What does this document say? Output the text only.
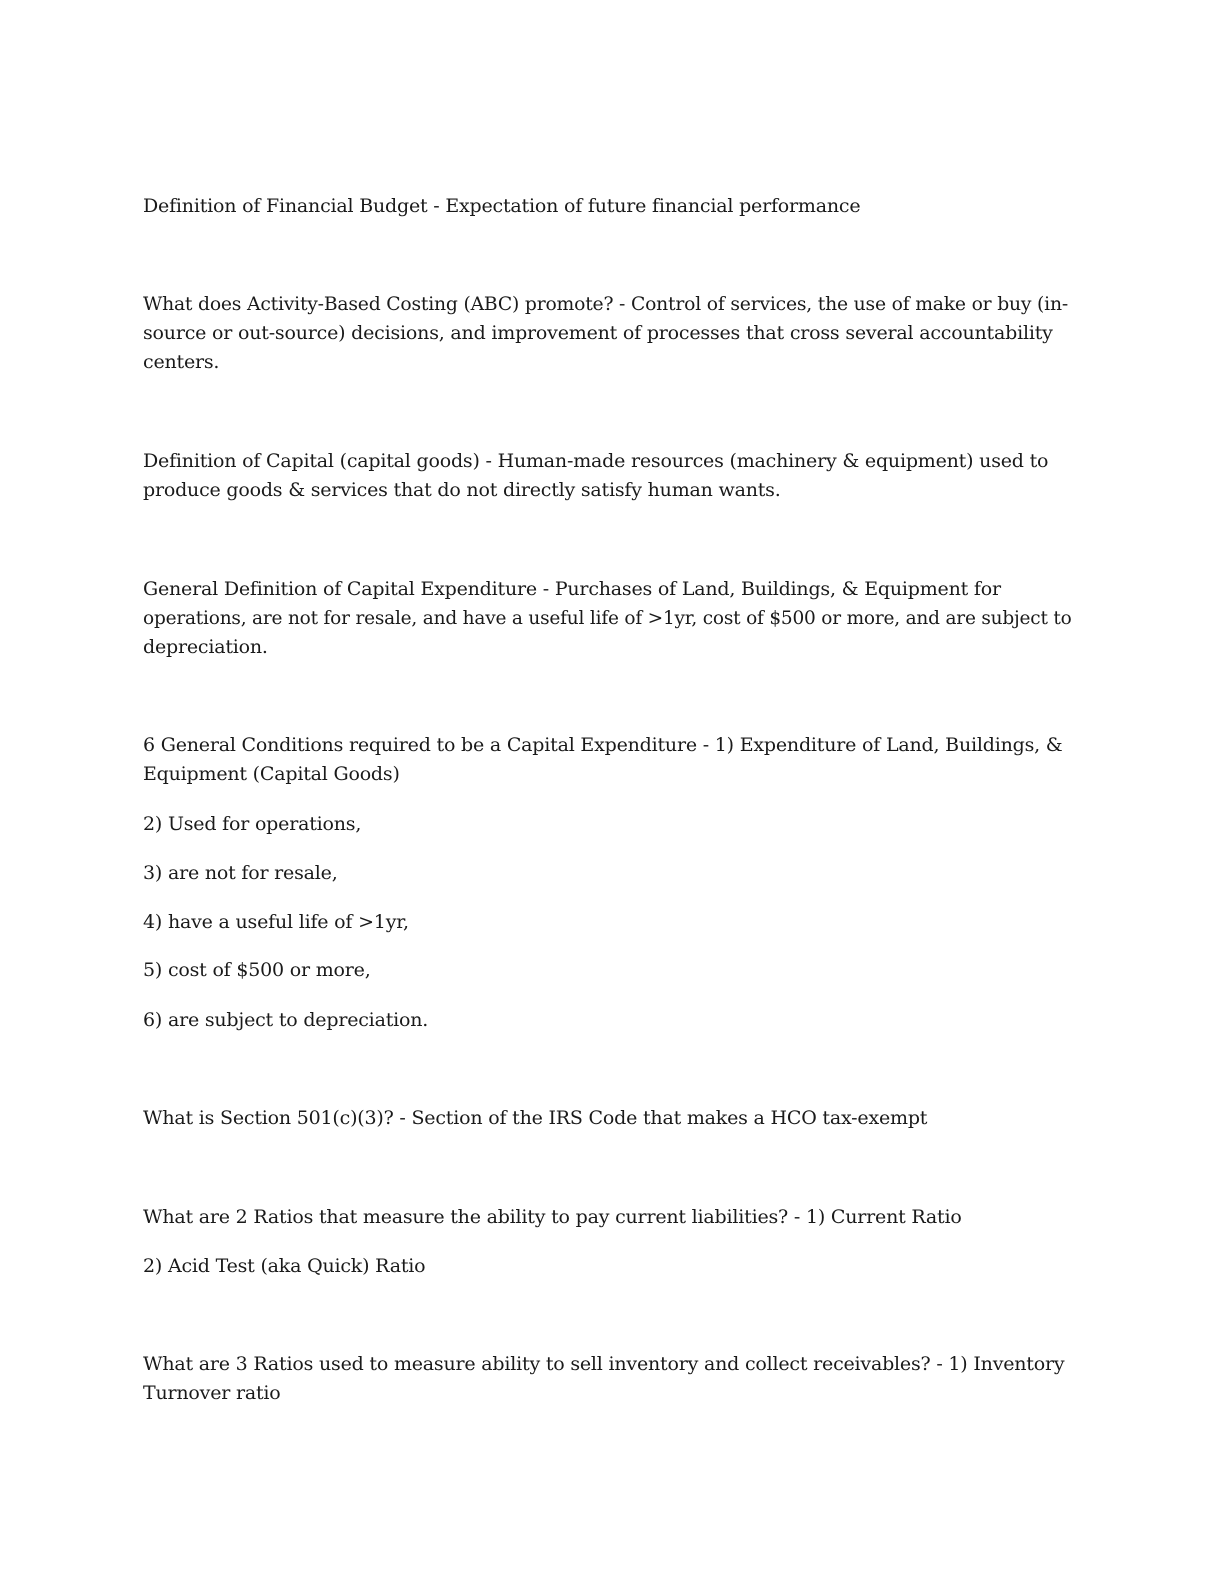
Definition of Financial Budget - Expectation of future financial performance
What does Activity-Based Costing (ABC) promote? - Control of services, the use of make or buy (in-
source or out-source) decisions, and improvement of processes that cross several accountability
centers.
Definition of Capital (capital goods) - Human-made resources (machinery & equipment) used to
produce goods & services that do not directly satisfy human wants.
General Definition of Capital Expenditure - Purchases of Land, Buildings, & Equipment for
operations, are not for resale, and have a useful life of >1yr, cost of $500 or more, and are subject to
depreciation.
6 General Conditions required to be a Capital Expenditure - 1) Expenditure of Land, Buildings, &
Equipment (Capital Goods)
2) Used for operations,
3) are not for resale,
4) have a useful life of >1yr,
5) cost of $500 or more,
6) are subject to depreciation.
What is Section 501(c)(3)? - Section of the IRS Code that makes a HCO tax-exempt
What are 2 Ratios that measure the ability to pay current liabilities? - 1) Current Ratio
2) Acid Test (aka Quick) Ratio
What are 3 Ratios used to measure ability to sell inventory and collect receivables? - 1) Inventory
Turnover ratio
